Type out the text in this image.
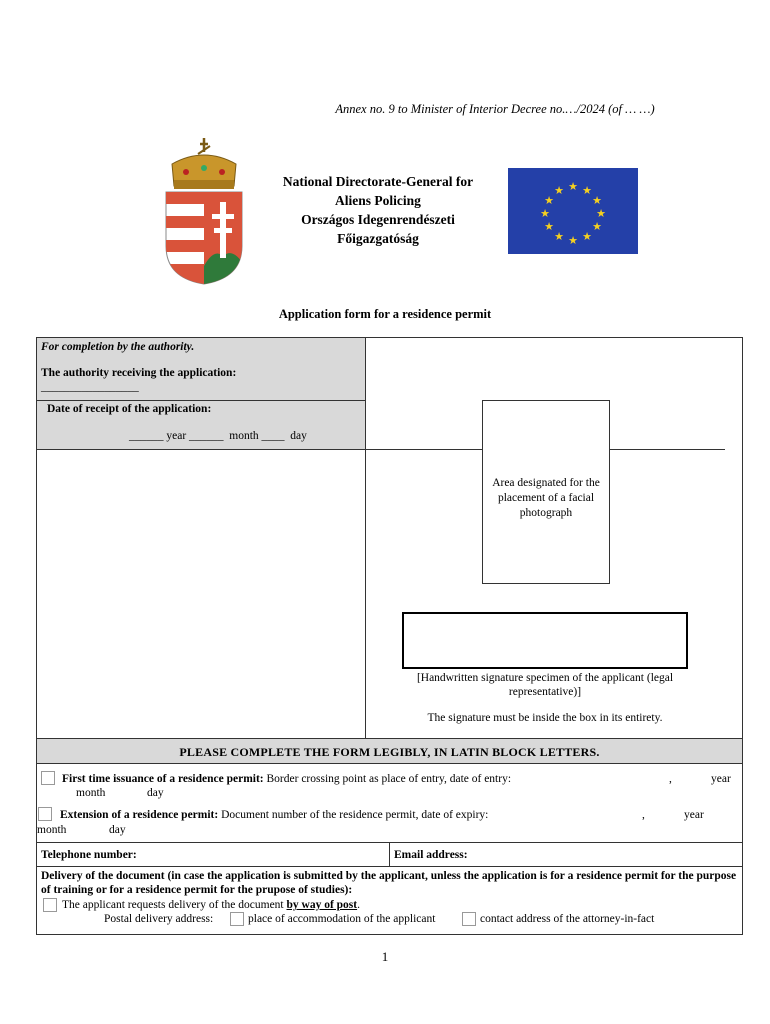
Annex no. 9 to Minister of Interior Decree no.…/2024 (of … …)
National Directorate-General for
Aliens Policing
Országos Idegenrendészeti
Főigazgatóság
★ ★
★
★
★
★
★
★
★
★
★
★
Application form for a residence permit
For completion by the authority.
The authority receiving the application:
_________________
Date of receipt of the application:
______ year ______  month ____  day
Area designated for the placement of a facial photograph
[Handwritten signature specimen of the applicant (legal representative)]
The signature must be inside the box in its entirety.
PLEASE COMPLETE THE FORM LEGIBLY, IN LATIN BLOCK LETTERS.
First time issuance of a residence permit: Border crossing point as place of entry, date of entry:	,	year
month	day
Extension of a residence permit: Document number of the residence permit, date of expiry:	,	year
month	day
Telephone number:	Email address:
Delivery of the document (in case the application is submitted by the applicant, unless the application is for a residence permit for the purpose of training or for a residence permit for the prupose of studies):
The applicant requests delivery of the document by way of post.
Postal delivery address:	place of accommodation of the applicant	contact address of the attorney-in-fact
1
